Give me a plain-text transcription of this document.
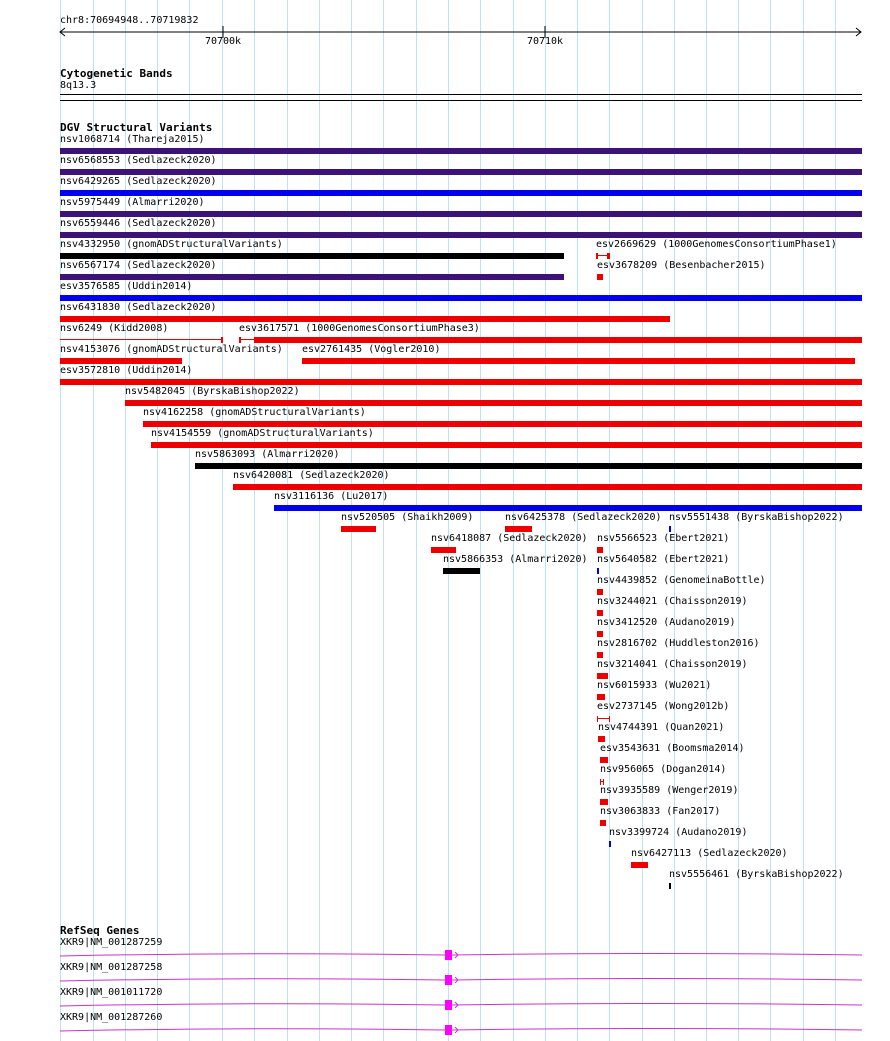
chr8:70694948..70719832
70700k	70710k
Cytogenetic Bands
8q13.3
DGV Structural Variants
nsv1068714 (Thareja2015)
nsv6568553 (Sedlazeck2020)
nsv6429265 (Sedlazeck2020)
nsv5975449 (Almarri2020)
nsv6559446 (Sedlazeck2020)
nsv4332950 (gnomADStructuralVariants)	esv2669629 (1000GenomesConsortiumPhase1)
nsv6567174 (Sedlazeck2020)	esv3678209 (Besenbacher2015)
esv3576585 (Uddin2014)
nsv6431830 (Sedlazeck2020)
nsv6249 (Kidd2008)	esv3617571 (1000GenomesConsortiumPhase3)
nsv4153076 (gnomADStructuralVariants) esv2761435 (Vogler2010)
esv3572810 (Uddin2014)
nsv5482045 (ByrskaBishop2022)
nsv4162258 (gnomADStructuralVariants)
nsv4154559 (gnomADStructuralVariants)
nsv5863093 (Almarri2020)
nsv6420081 (Sedlazeck2020)
nsv3116136 (Lu2017)
nsv520505 (Shaikh2009)	nsv6425378 (Sedlazeck2020) nsv5551438 (ByrskaBishop2022)
nsv6418087 (Sedlazeck2020) nsv5566523 (Ebert2021)
nsv5866353 (Almarri2020) nsv5640582 (Ebert2021)
nsv4439852 (GenomeinaBottle)
nsv3244021 (Chaisson2019)
nsv3412520 (Audano2019)
nsv2816702 (Huddleston2016)
nsv3214041 (Chaisson2019)
nsv6015933 (Wu2021)
esv2737145 (Wong2012b)
nsv4744391 (Quan2021)
esv3543631 (Boomsma2014)
nsv956065 (Dogan2014)
nsv3935589 (Wenger2019)
nsv3063833 (Fan2017)
nsv3399724 (Audano2019)
nsv6427113 (Sedlazeck2020)
nsv5556461 (ByrskaBishop2022)
RefSeq Genes
XKR9|NM_001287259
XKR9|NM_001287258
XKR9|NM_001011720
XKR9|NM_001287260
